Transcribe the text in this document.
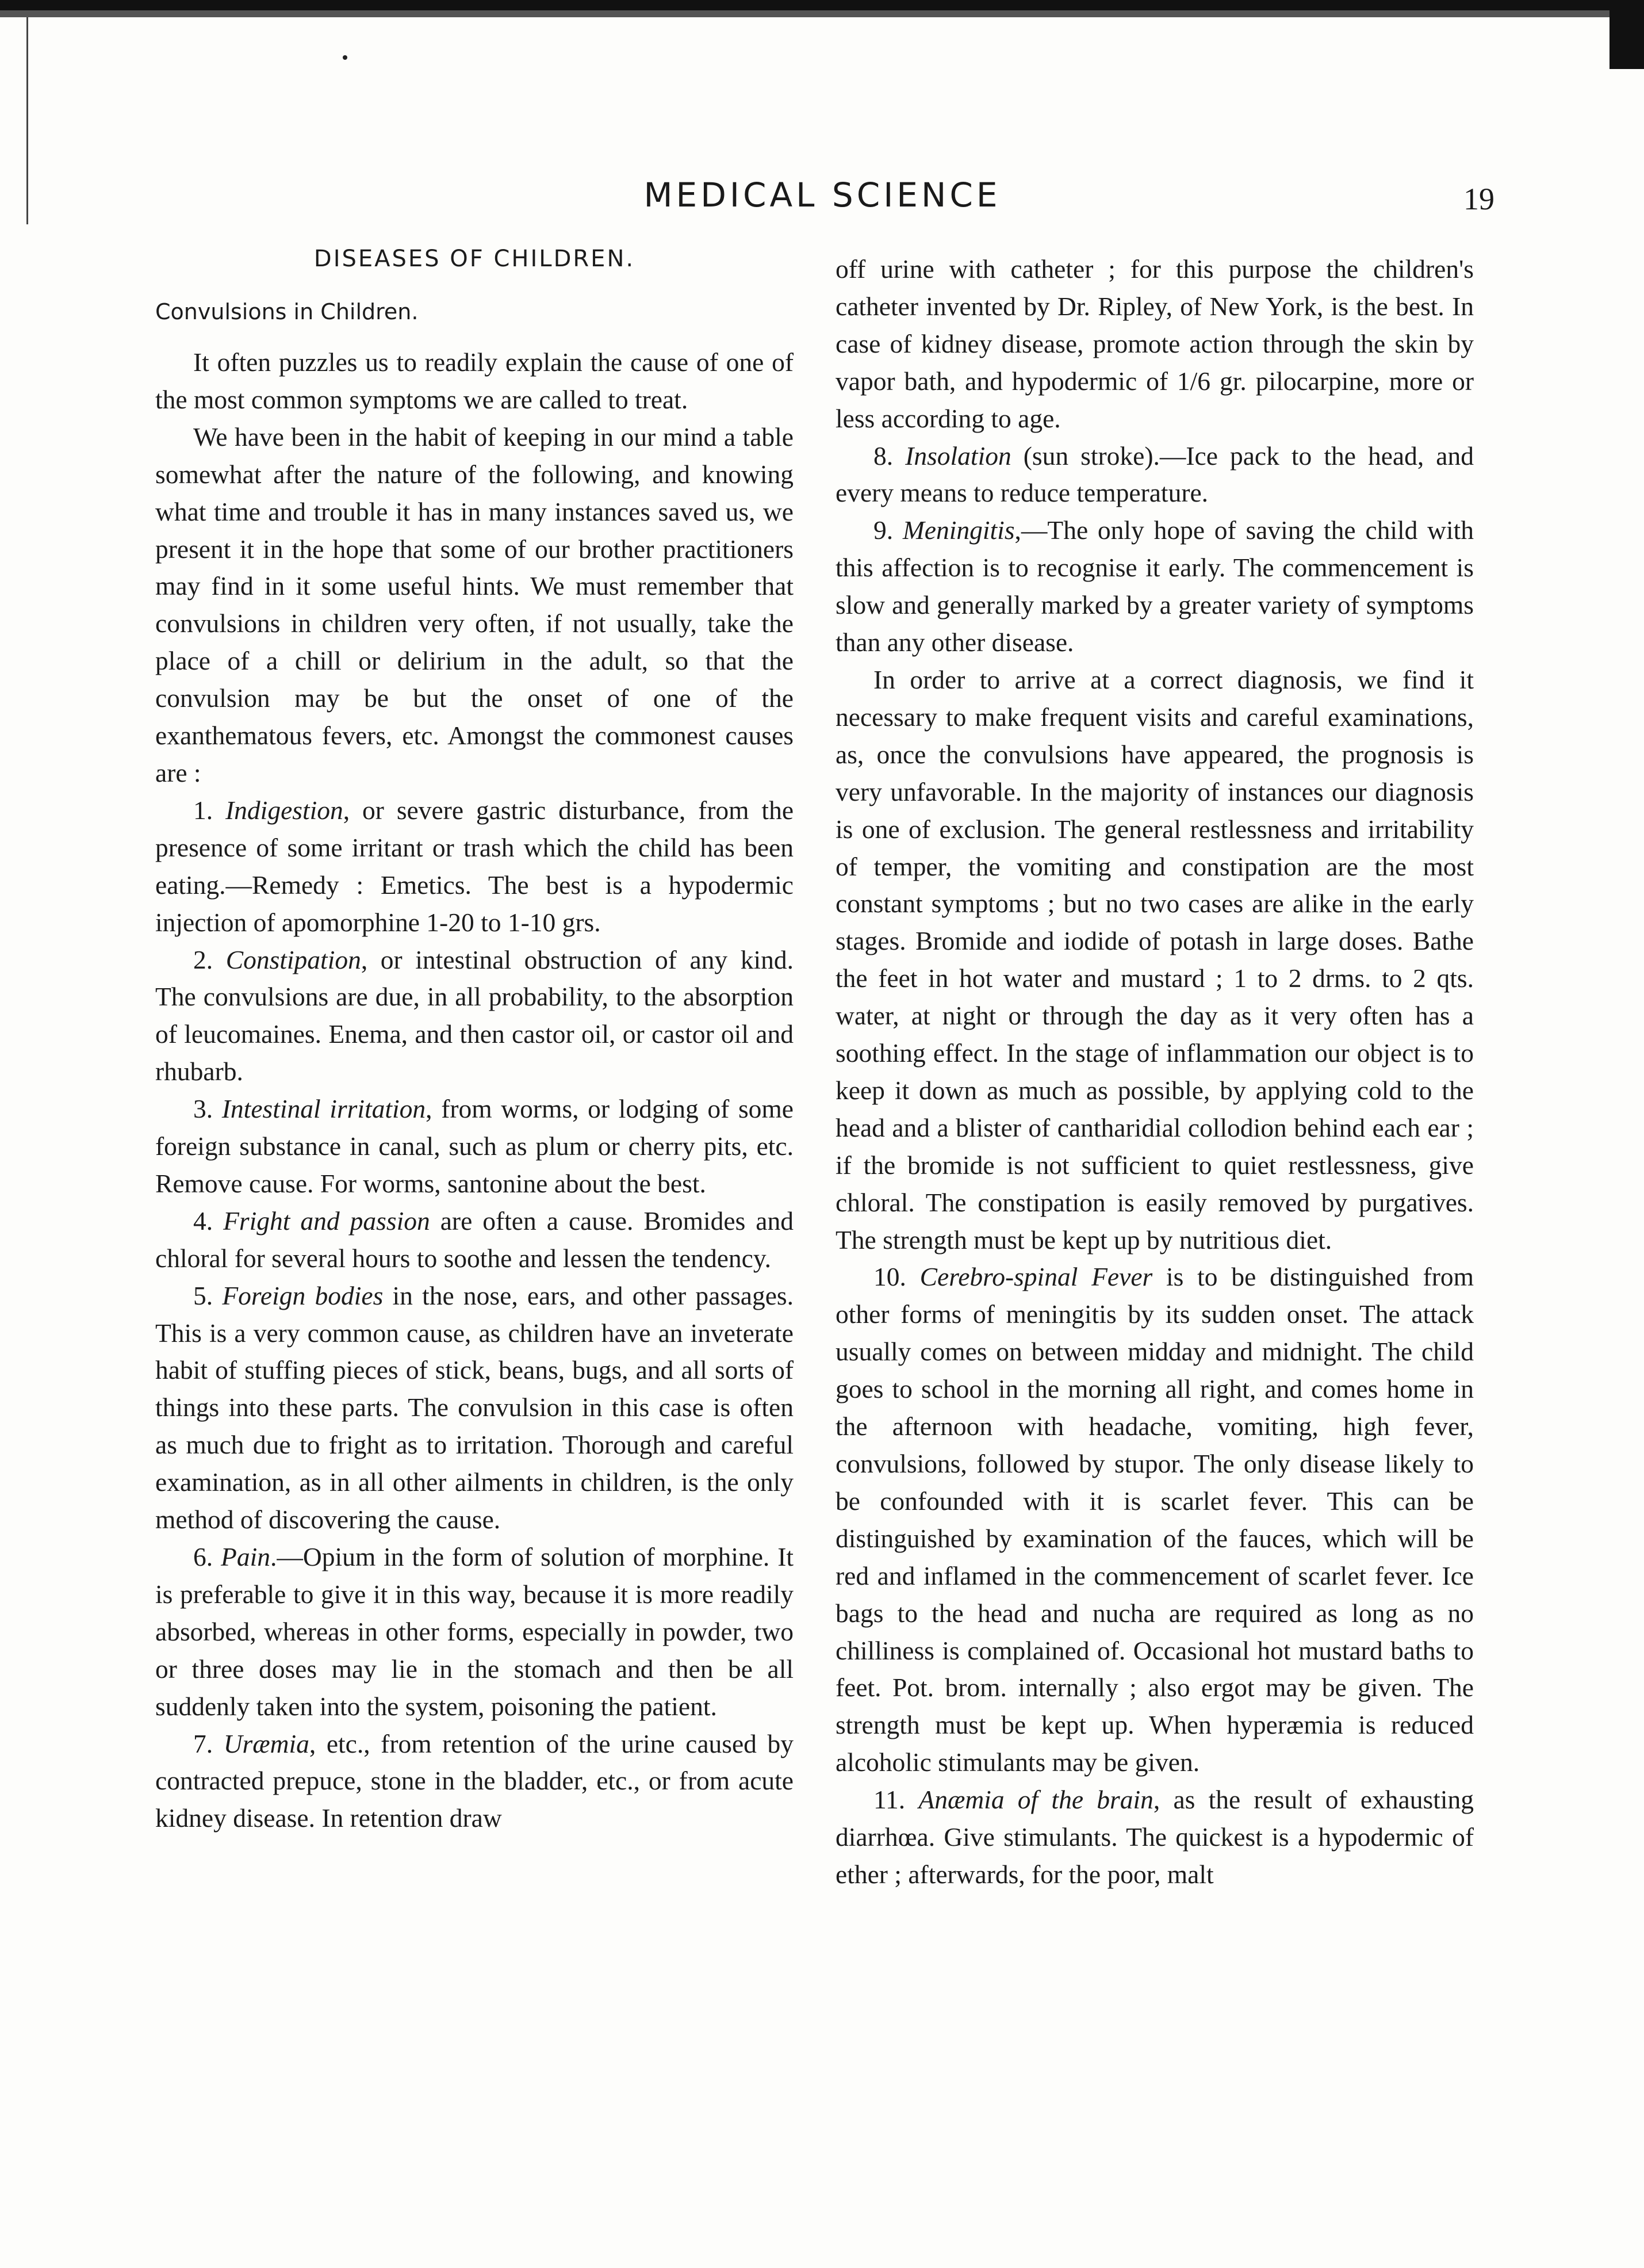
MEDICAL SCIENCE	19
DISEASES OF CHILDREN.
Convulsions in Children.

It often puzzles us to readily explain the cause of one of the most common symptoms we are called to treat.

We have been in the habit of keeping in our mind a table somewhat after the nature of the following, and knowing what time and trouble it has in many instances saved us, we present it in the hope that some of our brother practitioners may find in it some useful hints. We must remember that convulsions in children very often, if not usually, take the place of a chill or delirium in the adult, so that the convulsion may be but the onset of one of the exanthematous fevers, etc. Amongst the commonest causes are :

1. Indigestion, or severe gastric disturbance, from the presence of some irritant or trash which the child has been eating.—Remedy : Emetics. The best is a hypodermic injection of apomorphine 1-20 to 1-10 grs.

2. Constipation, or intestinal obstruction of any kind. The convulsions are due, in all probability, to the absorption of leucomaines. Enema, and then castor oil, or castor oil and rhubarb.

3. Intestinal irritation, from worms, or lodging of some foreign substance in canal, such as plum or cherry pits, etc. Remove cause. For worms, santonine about the best.

4. Fright and passion are often a cause. Bromides and chloral for several hours to soothe and lessen the tendency.

5. Foreign bodies in the nose, ears, and other passages. This is a very common cause, as children have an inveterate habit of stuffing pieces of stick, beans, bugs, and all sorts of things into these parts. The convulsion in this case is often as much due to fright as to irritation. Thorough and careful examination, as in all other ailments in children, is the only method of discovering the cause.

6. Pain.—Opium in the form of solution of morphine. It is preferable to give it in this way, because it is more readily absorbed, whereas in other forms, especially in powder, two or three doses may lie in the stomach and then be all suddenly taken into the system, poisoning the patient.

7. Uræmia, etc., from retention of the urine caused by contracted prepuce, stone in the bladder, etc., or from acute kidney disease. In retention draw

off urine with catheter ; for this purpose the children's catheter invented by Dr. Ripley, of New York, is the best. In case of kidney disease, promote action through the skin by vapor bath, and hypodermic of 1/6 gr. pilocarpine, more or less according to age.

8. Insolation (sun stroke).—Ice pack to the head, and every means to reduce temperature.

9. Meningitis,—The only hope of saving the child with this affection is to recognise it early. The commencement is slow and generally marked by a greater variety of symptoms than any other disease.

In order to arrive at a correct diagnosis, we find it necessary to make frequent visits and careful examinations, as, once the convulsions have appeared, the prognosis is very unfavorable. In the majority of instances our diagnosis is one of exclusion. The general restlessness and irritability of temper, the vomiting and constipation are the most constant symptoms ; but no two cases are alike in the early stages. Bromide and iodide of potash in large doses. Bathe the feet in hot water and mustard ; 1 to 2 drms. to 2 qts. water, at night or through the day as it very often has a soothing effect. In the stage of inflammation our object is to keep it down as much as possible, by applying cold to the head and a blister of cantharidial collodion behind each ear ; if the bromide is not sufficient to quiet restlessness, give chloral. The constipation is easily removed by purgatives. The strength must be kept up by nutritious diet.

10. Cerebro-spinal Fever is to be distinguished from other forms of meningitis by its sudden onset. The attack usually comes on between midday and midnight. The child goes to school in the morning all right, and comes home in the afternoon with headache, vomiting, high fever, convulsions, followed by stupor. The only disease likely to be confounded with it is scarlet fever. This can be distinguished by examination of the fauces, which will be red and inflamed in the commencement of scarlet fever. Ice bags to the head and nucha are required as long as no chilliness is complained of. Occasional hot mustard baths to feet. Pot. brom. internally ; also ergot may be given. The strength must be kept up. When hyperæmia is reduced alcoholic stimulants may be given.

11. Anæmia of the brain, as the result of exhausting diarrhœa. Give stimulants. The quickest is a hypodermic of ether ; afterwards, for the poor, malt
